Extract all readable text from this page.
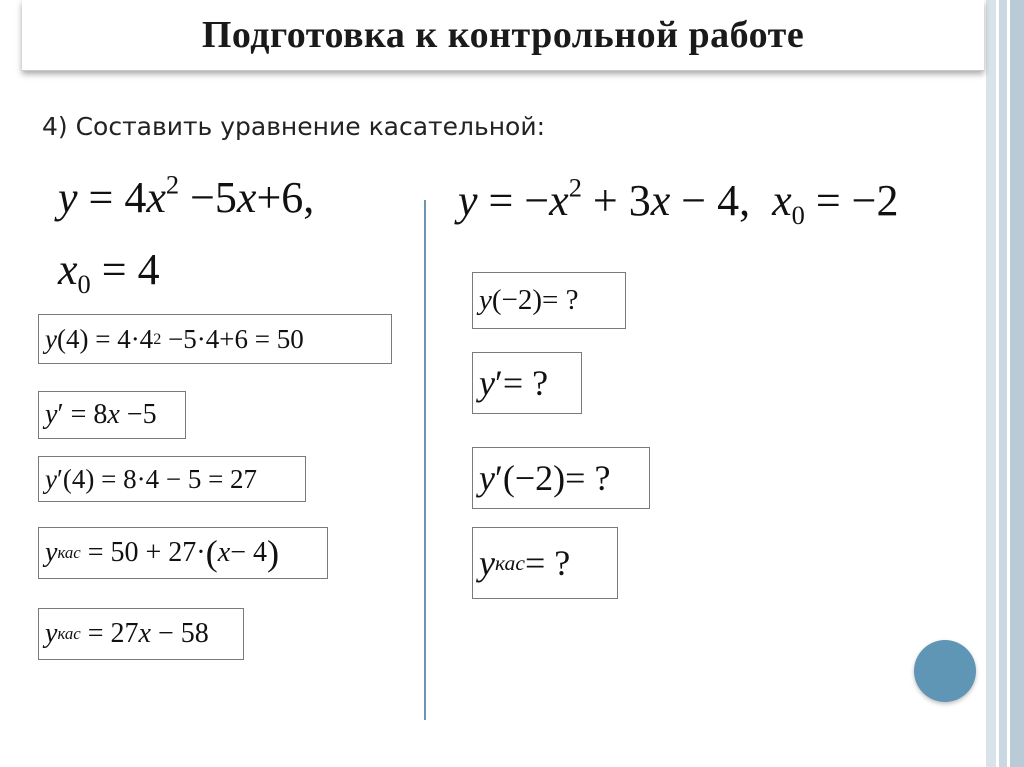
Подготовка к контрольной работе
4) Составить уравнение касательной:
$y = 4x^2 -5x+6$,
$x_0 = 4$
$y = -x^2 + 3x - 4$, $x_0 = -2$
y (4) = 4·4 2
−5·4+6 = 50
y ′ = 8 x
−5
y ′(4) = 8·4 − 5 = 27
y кас
= 50 + 27· ( x − 4 )
y кас
= 27 x
− 58
y (−2) = ?
y ′ = ?
y ′(−2) = ?
y кас = ?
